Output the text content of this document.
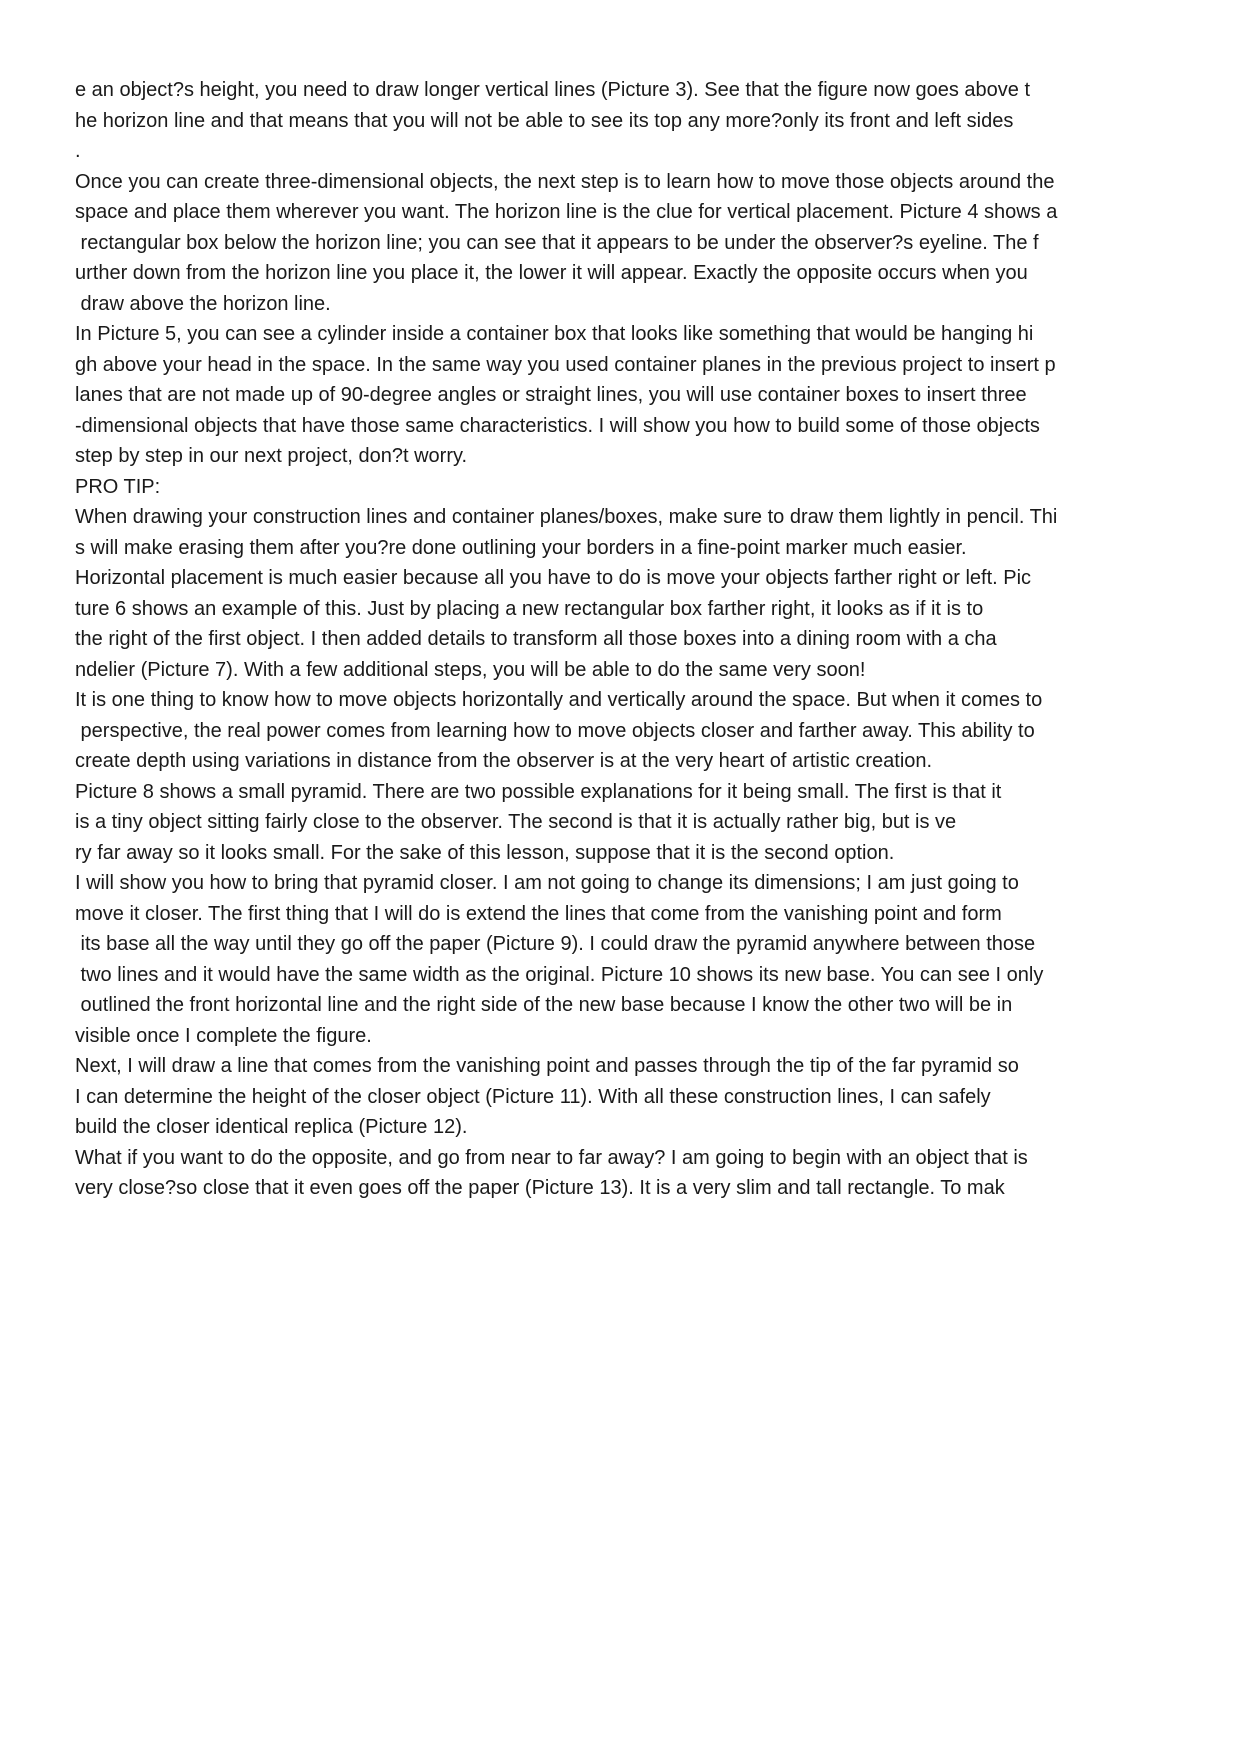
e an object?s height, you need to draw longer vertical lines (Picture 3). See that the figure now goes above t
he horizon line and that means that you will not be able to see its top any more?only its front and left sides
.
Once you can create three-dimensional objects, the next step is to learn how to move those objects around the
space and place them wherever you want. The horizon line is the clue for vertical placement. Picture 4 shows a
rectangular box below the horizon line; you can see that it appears to be under the observer?s eyeline. The f
urther down from the horizon line you place it, the lower it will appear. Exactly the opposite occurs when you
draw above the horizon line.
In Picture 5, you can see a cylinder inside a container box that looks like something that would be hanging hi
gh above your head in the space. In the same way you used container planes in the previous project to insert p
lanes that are not made up of 90-degree angles or straight lines, you will use container boxes to insert three
-dimensional objects that have those same characteristics. I will show you how to build some of those objects
step by step in our next project, don?t worry.
PRO TIP:
When drawing your construction lines and container planes/boxes, make sure to draw them lightly in pencil. Thi
s will make erasing them after you?re done outlining your borders in a fine-point marker much easier.
Horizontal placement is much easier because all you have to do is move your objects farther right or left. Pic
ture 6 shows an example of this. Just by placing a new rectangular box farther right, it looks as if it is to
the right of the first object. I then added details to transform all those boxes into a dining room with a cha
ndelier (Picture 7). With a few additional steps, you will be able to do the same very soon!
It is one thing to know how to move objects horizontally and vertically around the space. But when it comes to
perspective, the real power comes from learning how to move objects closer and farther away. This ability to
create depth using variations in distance from the observer is at the very heart of artistic creation.
Picture 8 shows a small pyramid. There are two possible explanations for it being small. The first is that it
is a tiny object sitting fairly close to the observer. The second is that it is actually rather big, but is ve
ry far away so it looks small. For the sake of this lesson, suppose that it is the second option.
I will show you how to bring that pyramid closer. I am not going to change its dimensions; I am just going to
move it closer. The first thing that I will do is extend the lines that come from the vanishing point and form
its base all the way until they go off the paper (Picture 9). I could draw the pyramid anywhere between those
two lines and it would have the same width as the original. Picture 10 shows its new base. You can see I only
outlined the front horizontal line and the right side of the new base because I know the other two will be in
visible once I complete the figure.
Next, I will draw a line that comes from the vanishing point and passes through the tip of the far pyramid so
I can determine the height of the closer object (Picture 11). With all these construction lines, I can safely
build the closer identical replica (Picture 12).
What if you want to do the opposite, and go from near to far away? I am going to begin with an object that is
very close?so close that it even goes off the paper (Picture 13). It is a very slim and tall rectangle. To mak
